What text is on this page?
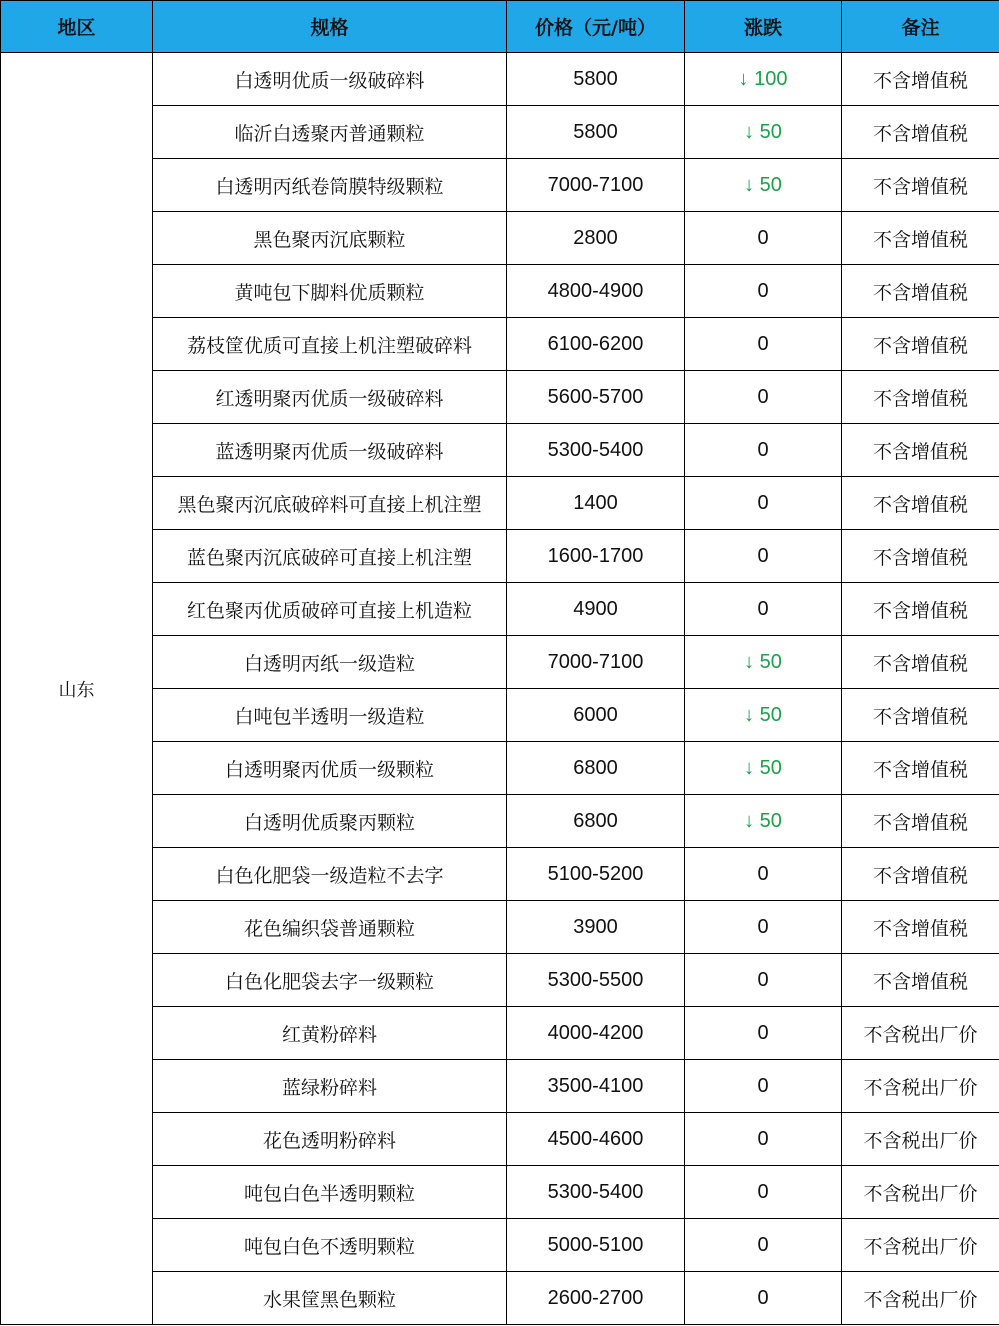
地区	规格	价格（元/吨）	涨跌	备注
山东	白透明优质一级破碎料	5800	↓ 100	不含增值税
	临沂白透聚丙普通颗粒	5800	↓ 50	不含增值税
	白透明丙纸卷筒膜特级颗粒	7000-7100	↓ 50	不含增值税
	黑色聚丙沉底颗粒	2800	0	不含增值税
	黄吨包下脚料优质颗粒	4800-4900	0	不含增值税
	荔枝筐优质可直接上机注塑破碎料	6100-6200	0	不含增值税
	红透明聚丙优质一级破碎料	5600-5700	0	不含增值税
	蓝透明聚丙优质一级破碎料	5300-5400	0	不含增值税
	黑色聚丙沉底破碎料可直接上机注塑	1400	0	不含增值税
	蓝色聚丙沉底破碎可直接上机注塑	1600-1700	0	不含增值税
	红色聚丙优质破碎可直接上机造粒	4900	0	不含增值税
	白透明丙纸一级造粒	7000-7100	↓ 50	不含增值税
	白吨包半透明一级造粒	6000	↓ 50	不含增值税
	白透明聚丙优质一级颗粒	6800	↓ 50	不含增值税
	白透明优质聚丙颗粒	6800	↓ 50	不含增值税
	白色化肥袋一级造粒不去字	5100-5200	0	不含增值税
	花色编织袋普通颗粒	3900	0	不含增值税
	白色化肥袋去字一级颗粒	5300-5500	0	不含增值税
	红黄粉碎料	4000-4200	0	不含税出厂价
	蓝绿粉碎料	3500-4100	0	不含税出厂价
	花色透明粉碎料	4500-4600	0	不含税出厂价
	吨包白色半透明颗粒	5300-5400	0	不含税出厂价
	吨包白色不透明颗粒	5000-5100	0	不含税出厂价
	水果筐黑色颗粒	2600-2700	0	不含税出厂价
